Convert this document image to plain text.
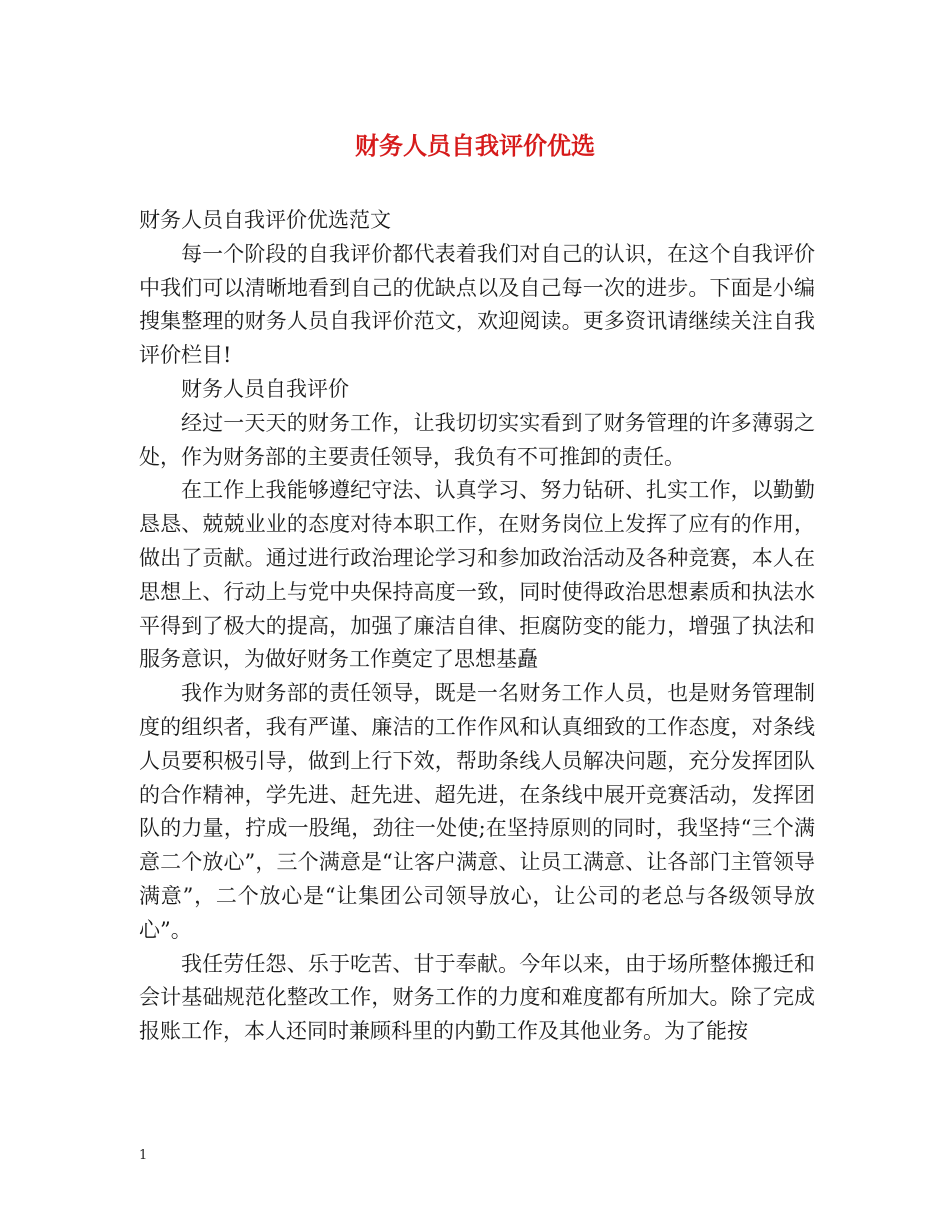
财务人员自我评价优选

财务人员自我评价优选范文

每一个阶段的自我评价都代表着我们对自己的认识，在这个自我评价中我们可以清晰地看到自己的优缺点以及自己每一次的进步。下面是小编搜集整理的财务人员自我评价范文，欢迎阅读。更多资讯请继续关注自我评价栏目!

财务人员自我评价

经过一天天的财务工作，让我切切实实看到了财务管理的许多薄弱之处，作为财务部的主要责任领导，我负有不可推卸的责任。

在工作上我能够遵纪守法、认真学习、努力钻研、扎实工作，以勤勤恳恳、兢兢业业的态度对待本职工作，在财务岗位上发挥了应有的作用，做出了贡献。通过进行政治理论学习和参加政治活动及各种竞赛，本人在思想上、行动上与党中央保持高度一致，同时使得政治思想素质和执法水平得到了极大的提高，加强了廉洁自律、拒腐防变的能力，增强了执法和服务意识，为做好财务工作奠定了思想基矗

我作为财务部的责任领导，既是一名财务工作人员，也是财务管理制度的组织者，我有严谨、廉洁的工作作风和认真细致的工作态度，对条线人员要积极引导，做到上行下效，帮助条线人员解决问题，充分发挥团队的合作精神，学先进、赶先进、超先进，在条线中展开竞赛活动，发挥团队的力量，拧成一股绳，劲往一处使;在坚持原则的同时，我坚持“三个满意二个放心”，三个满意是“让客户满意、让员工满意、让各部门主管领导满意”，二个放心是“让集团公司领导放心，让公司的老总与各级领导放心”。

我任劳任怨、乐于吃苦、甘于奉献。今年以来，由于场所整体搬迁和会计基础规范化整改工作，财务工作的力度和难度都有所加大。除了完成报账工作，本人还同时兼顾科里的内勤工作及其他业务。为了能按

1
